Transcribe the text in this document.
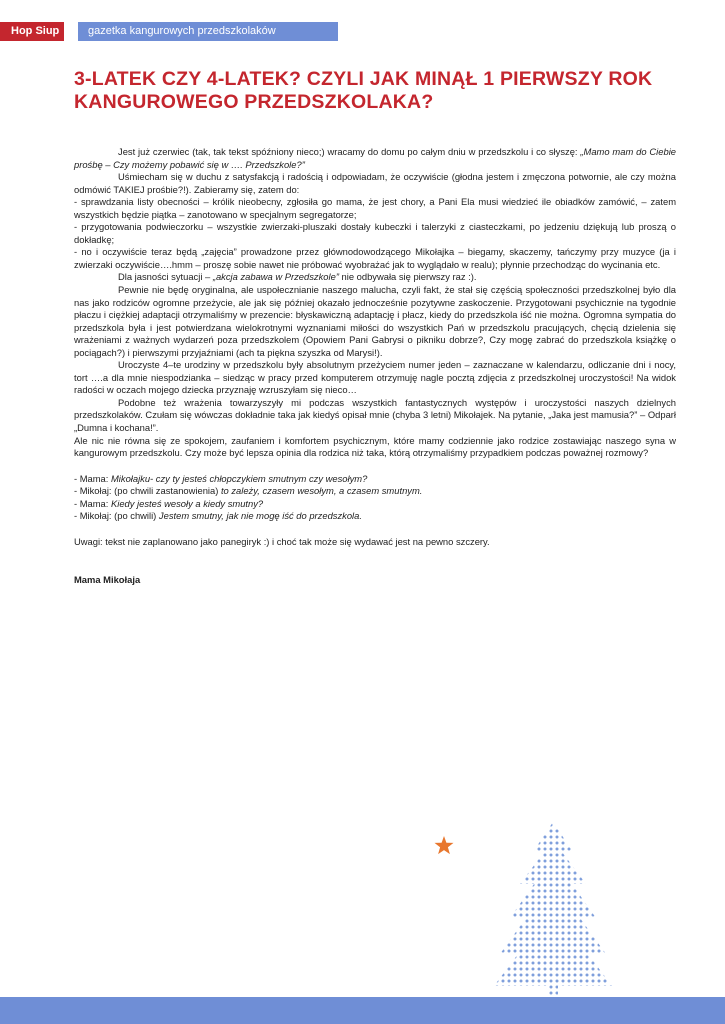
Hop Siup	gazetka kangurowych przedszkolaków
3-LATEK CZY 4-LATEK? CZYLI JAK MINĄŁ 1 PIERWSZY ROK KANGUROWEGO PRZEDSZKOLAKA?

Jest już czerwiec (tak, tak tekst spóźniony nieco;) wracamy do domu po całym dniu w przedszkolu i co słyszę: „Mamo mam do Ciebie prośbę – Czy możemy pobawić się w …. Przedszkole?”

Uśmiecham się w duchu z satysfakcją i radością i odpowiadam, że oczywiście (głodna jestem i zmęczona potwornie, ale czy można odmówić TAKIEJ prośbie?!). Zabieramy się, zatem do:

- sprawdzania listy obecności – królik nieobecny, zgłosiła go mama, że jest chory, a Pani Ela musi wiedzieć ile obiadków zamówić, – zatem wszystkich będzie piątka – zanotowano w specjalnym segregatorze;

- przygotowania podwieczorku – wszystkie zwierzaki-pluszaki dostały kubeczki i talerzyki z ciasteczkami, po jedzeniu dziękują lub proszą o dokładkę;

- no i oczywiście teraz będą „zajęcia” prowadzone przez głównodowodzącego Mikołajka – biegamy, skaczemy, tańczymy przy muzyce (ja i zwierzaki oczywiście….hmm – proszę sobie nawet nie próbować wyobrażać jak to wyglądało w realu); płynnie przechodząc do wycinania etc.

Dla jasności sytuacji – „akcja zabawa w Przedszkole” nie odbywała się pierwszy raz :).

Pewnie nie będę oryginalna, ale uspołecznianie naszego malucha, czyli fakt, że stał się częścią społeczności przedszkolnej było dla nas jako rodziców ogromne przeżycie, ale jak się później okazało jednocześnie pozytywne zaskoczenie. Przygotowani psychicznie na tygodnie płaczu i ciężkiej adaptacji otrzymaliśmy w prezencie: błyskawiczną adaptację i płacz, kiedy do przedszkola iść nie można. Ogromna sympatia do przedszkola była i jest potwierdzana wielokrotnymi wyznaniami miłości do wszystkich Pań w przedszkolu pracujących, chęcią dzielenia się wrażeniami z ważnych wydarzeń poza przedszkolem (Opowiem Pani Gabrysi o pikniku dobrze?, Czy mogę zabrać do przedszkola książkę o pociągach?) i pierwszymi przyjaźniami (ach ta piękna szyszka od Marysi!).

Uroczyste 4–te urodziny w przedszkolu były absolutnym przeżyciem numer jeden – zaznaczane w kalendarzu, odliczanie dni i nocy, tort ….a dla mnie niespodzianka – siedząc w pracy przed komputerem otrzymuję nagle pocztą zdjęcia z przedszkolnej uroczystości! Na widok radości w oczach mojego dziecka przyznaję wzruszyłam się nieco…

Podobne też wrażenia towarzyszyły mi podczas wszystkich fantastycznych występów i uroczystości naszych dzielnych przedszkolaków. Czułam się wówczas dokładnie taka jak kiedyś opisał mnie (chyba 3 letni) Mikołajek. Na pytanie, „Jaka jest mamusia?” – Odparł „Dumna i kochana!”.

Ale nic nie równa się ze spokojem, zaufaniem i komfortem psychicznym, które mamy codziennie jako rodzice zostawiając naszego syna w kangurowym przedszkolu. Czy może być lepsza opinia dla rodzica niż taka, którą otrzymaliśmy przypadkiem podczas poważnej rozmowy?

- Mama: Mikołajku- czy ty jesteś chłopczykiem smutnym czy wesołym?

- Mikołaj: (po chwili zastanowienia) to zależy, czasem wesołym, a czasem smutnym.

- Mama: Kiedy jesteś wesoły a kiedy smutny?

- Mikołaj: (po chwili) Jestem smutny, jak nie mogę iść do przedszkola.

Uwagi: tekst nie zaplanowano jako panegiryk :) i choć tak może się wydawać jest na pewno szczery.

Mama Mikołaja
